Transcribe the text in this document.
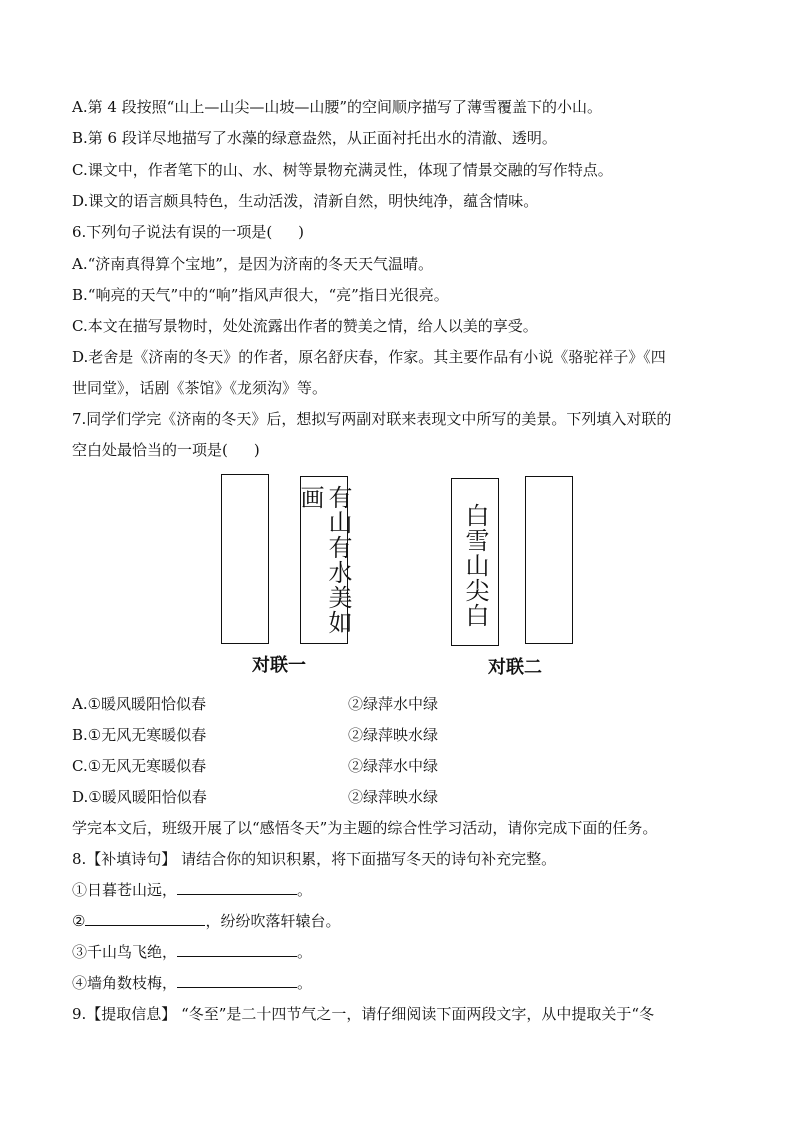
A.第 4 段按照“山上—山尖—山坡—山腰”的空间顺序描写了薄雪覆盖下的小山。
B.第 6 段详尽地描写了水藻的绿意盎然，从正面衬托出水的清澈、透明。
C.课文中，作者笔下的山、水、树等景物充满灵性，体现了情景交融的写作特点。
D.课文的语言颇具特色，生动活泼，清新自然，明快纯净，蕴含情味。
6.下列句子说法有误的一项是( )
A.“济南真得算个宝地”，是因为济南的冬天天气温晴。
B.“响亮的天气”中的“响”指风声很大，“亮”指日光很亮。
C.本文在描写景物时，处处流露出作者的赞美之情，给人以美的享受。
D.老舍是《济南的冬天》的作者，原名舒庆春，作家。其主要作品有小说《骆驼祥子》《四
世同堂》，话剧《茶馆》《龙须沟》等。
7.同学们学完《济南的冬天》后，想拟写两副对联来表现文中所写的美景。下列填入对联的
空白处最恰当的一项是( )
有山有水美如画
对联一
白雪山尖白
对联二
A.①暖风暖阳恰似春	②绿萍水中绿
B.①无风无寒暖似春	②绿萍映水绿
C.①无风无寒暖似春	②绿萍水中绿
D.①暖风暖阳恰似春	②绿萍映水绿
学完本文后，班级开展了以“感悟冬天”为主题的综合性学习活动，请你完成下面的任务。
8.【补填诗句】 请结合你的知识积累，将下面描写冬天的诗句补充完整。
①日暮苍山远，	。
②	，纷纷吹落轩辕台。
③千山鸟飞绝，	。
④墙角数枝梅，	。
9.【提取信息】 “冬至”是二十四节气之一，请仔细阅读下面两段文字，从中提取关于“冬
